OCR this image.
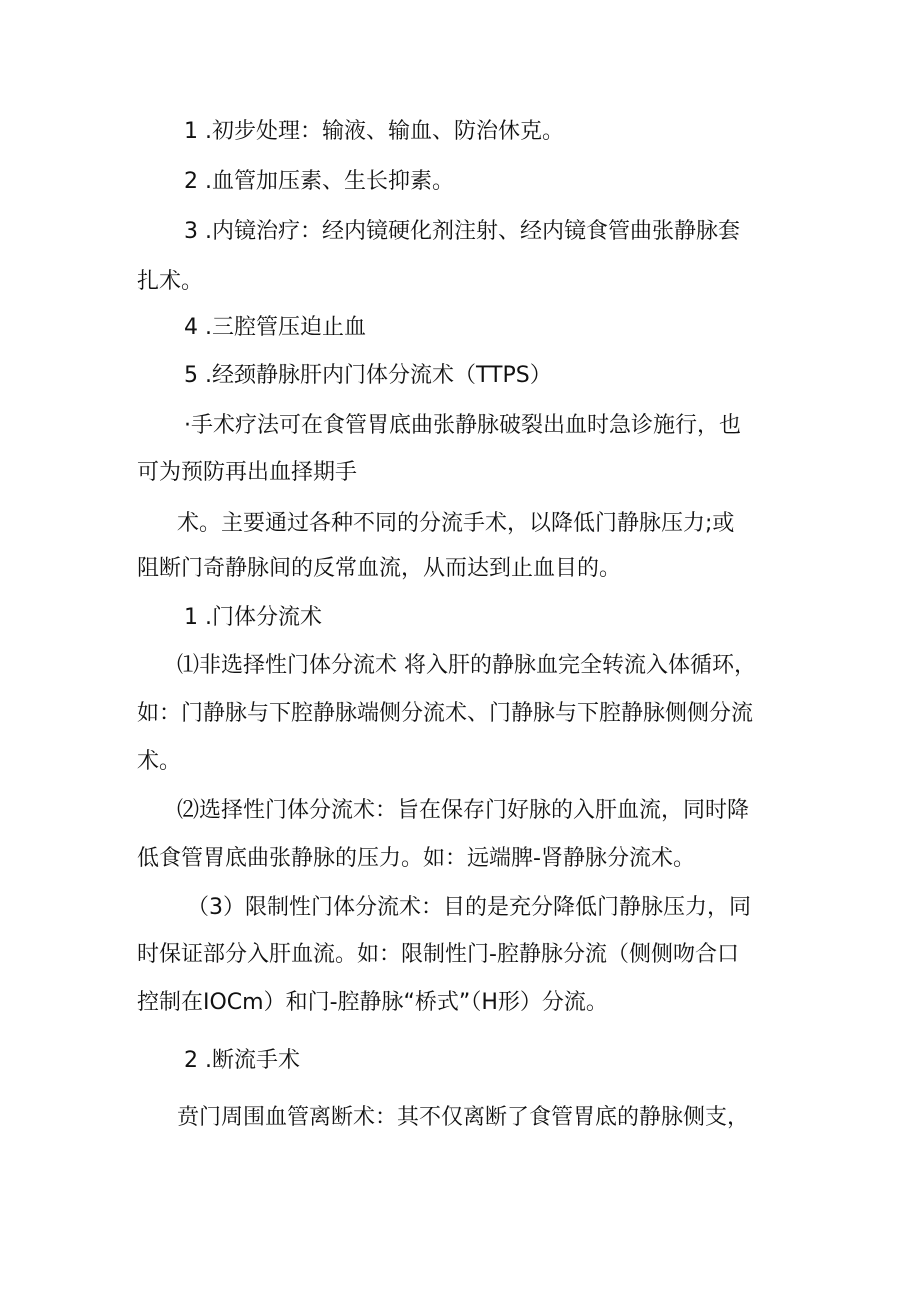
1 .初步处理：输液、输血、防治休克。
2 .血管加压素、生长抑素。
3 .内镜治疗：经内镜硬化剂注射、经内镜食管曲张静脉套
扎术。
4 .三腔管压迫止血
5 .经颈静脉肝内门体分流术（TTPS）
·手术疗法可在食管胃底曲张静脉破裂出血时急诊施行，也
可为预防再出血择期手
术。主要通过各种不同的分流手术，以降低门静脉压力;或
阻断门奇静脉间的反常血流，从而达到止血目的。
1 .门体分流术
⑴非选择性门体分流术 将入肝的静脉血完全转流入体循环，
如：门静脉与下腔静脉端侧分流术、门静脉与下腔静脉侧侧分流
术。
⑵选择性门体分流术：旨在保存门好脉的入肝血流，同时降
低食管胃底曲张静脉的压力。如：远端脾-肾静脉分流术。
（3）限制性门体分流术：目的是充分降低门静脉压力，同
时保证部分入肝血流。如：限制性门-腔静脉分流（侧侧吻合口
控制在IOCm）和门-腔静脉“桥式”（H形）分流。
2 .断流手术
贲门周围血管离断术：其不仅离断了食管胃底的静脉侧支，
